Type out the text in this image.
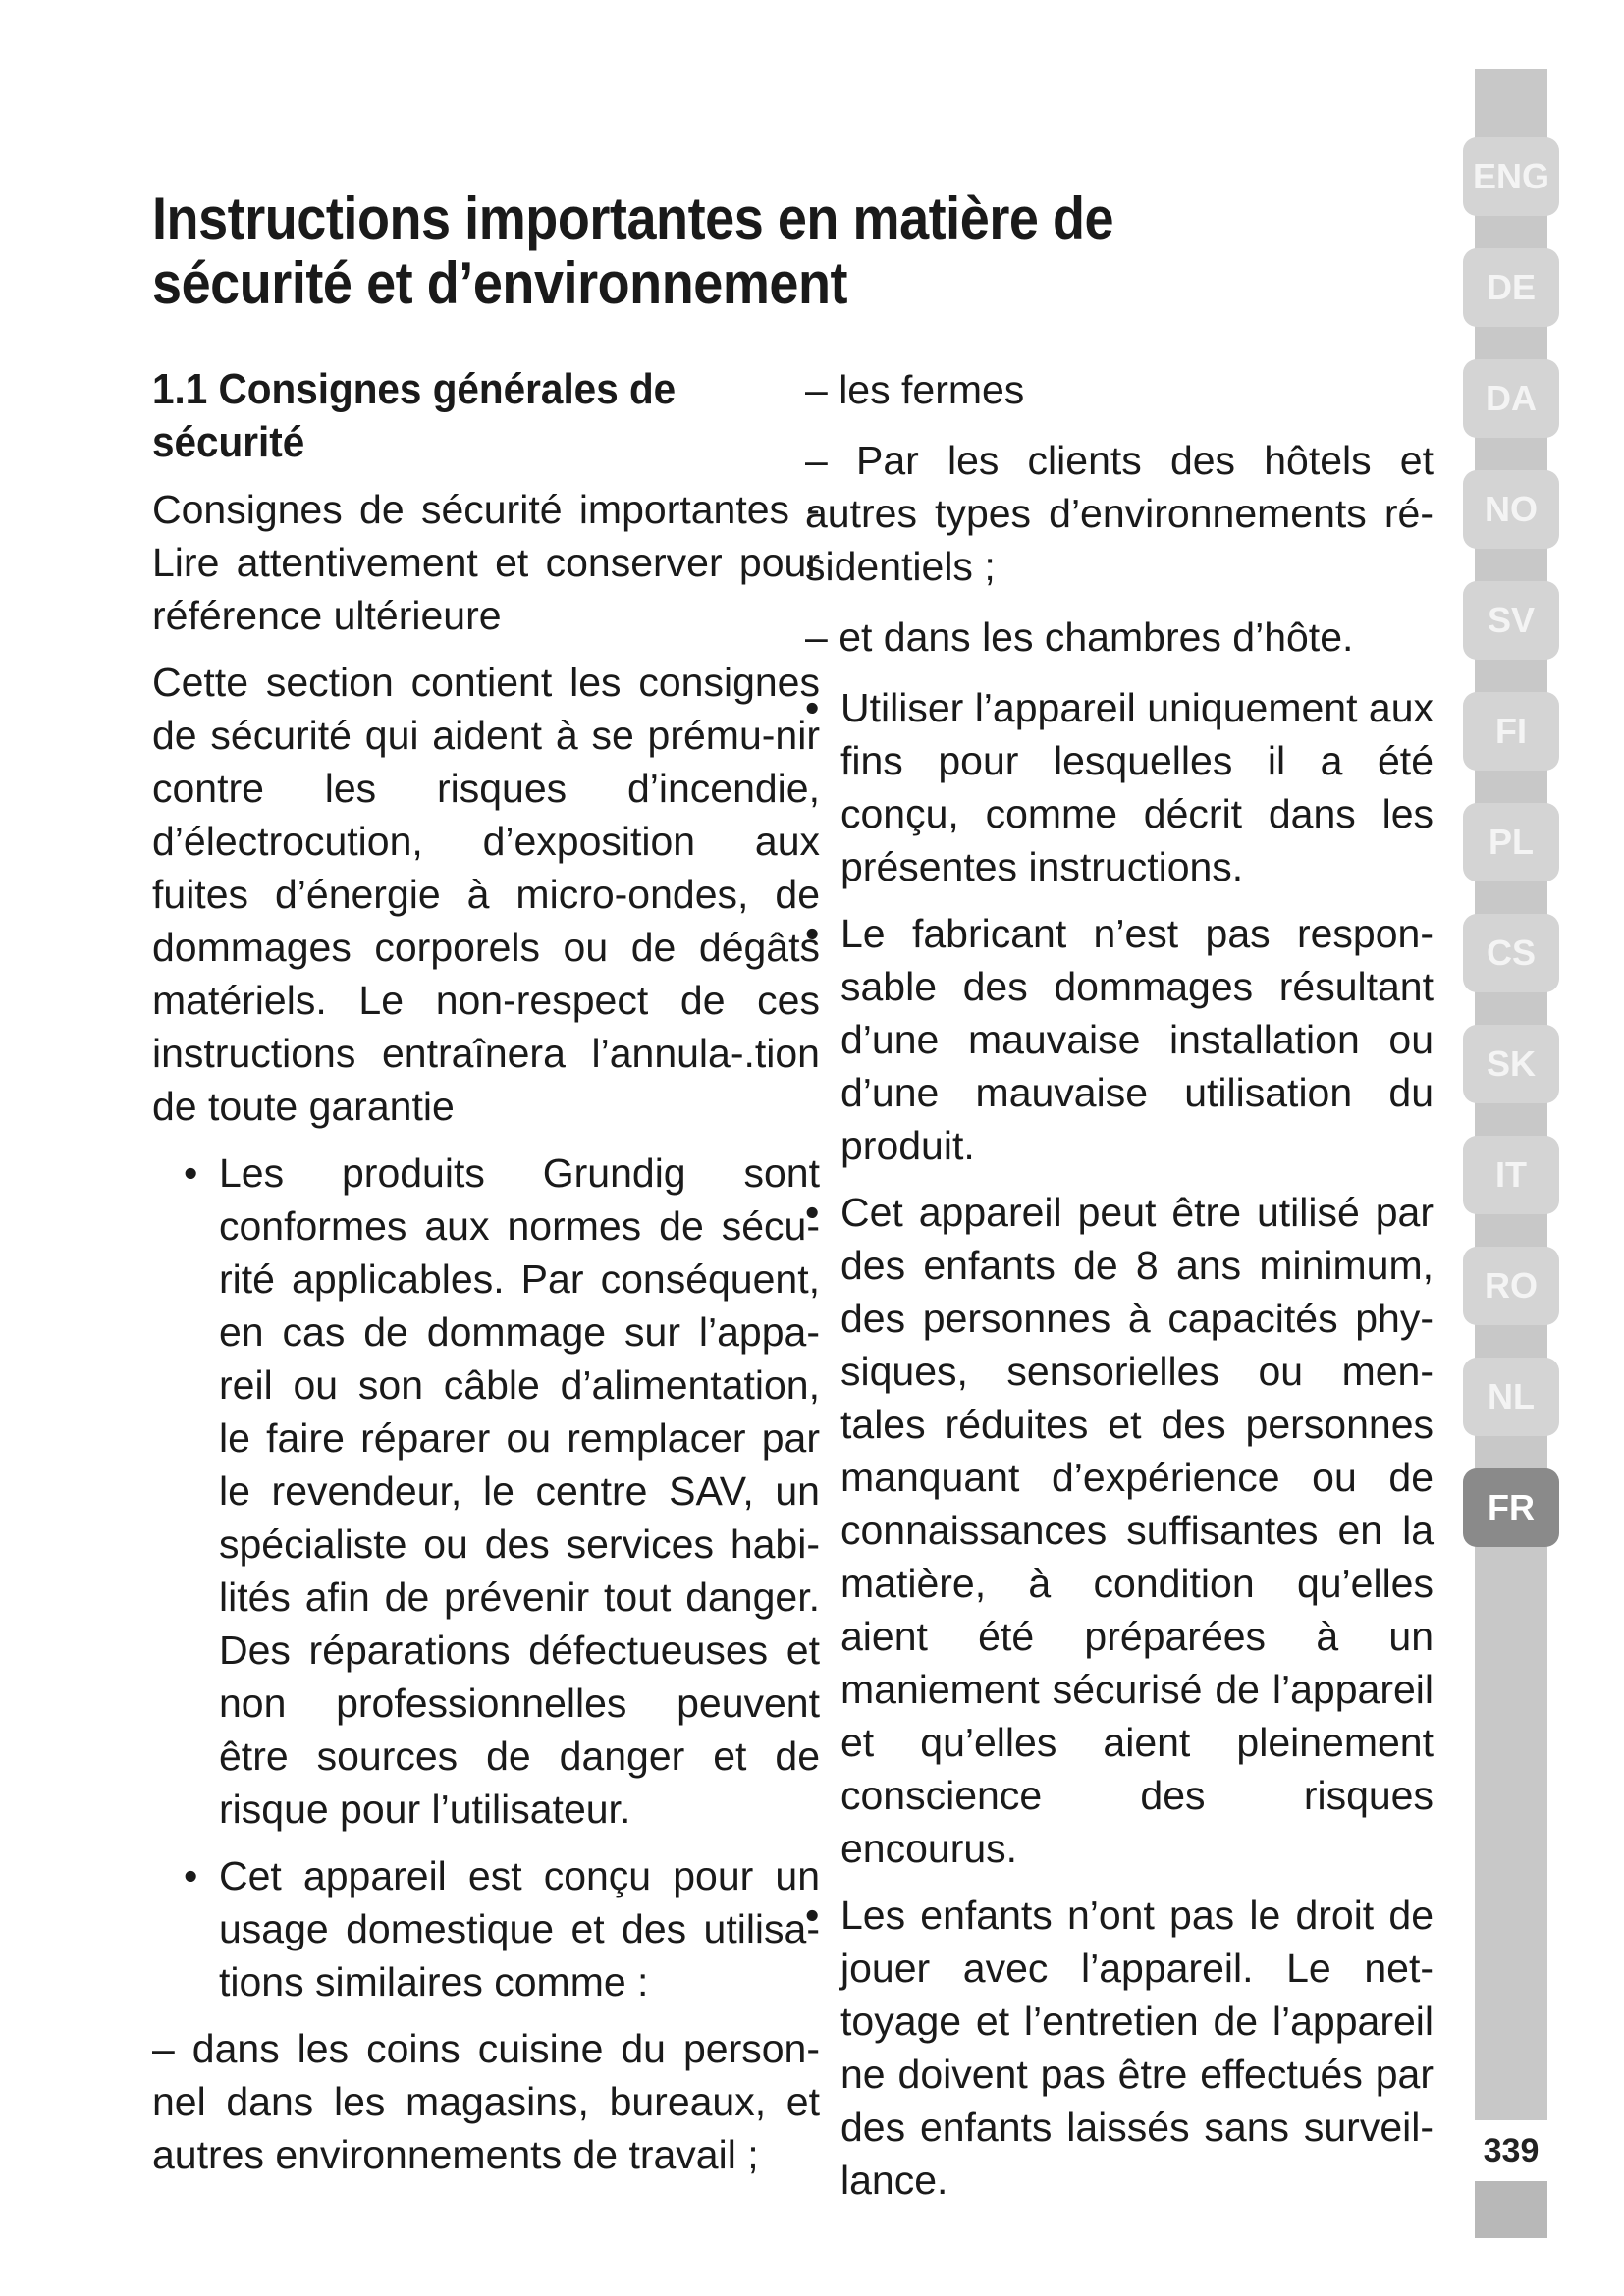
Instructions importantes en matière de sécurité et d’environnement
1.1 Consignes générales de sécurité

Consignes de sécurité importantes - Lire attentivement et conserver pour référence ultérieure

Cette section contient les consignes de sécurité qui aident à se prému-nir contre les risques d’incendie, d’électrocution, d’exposition aux fuites d’énergie à micro-ondes, de dommages corporels ou de dégâts matériels. Le non-respect de ces instructions entraînera l’annula-.tion de toute garantie

• Les produits Grundig sont conformes aux normes de sécu-rité applicables. Par conséquent, en cas de dommage sur l’appa-reil ou son câble d’alimentation, le faire réparer ou remplacer par le revendeur, le centre SAV, un spécialiste ou des services habi-lités afin de prévenir tout danger. Des réparations défectueuses et non professionnelles peuvent être sources de danger et de risque pour l’utilisateur.

• Cet appareil est conçu pour un usage domestique et des utilisa-tions similaires comme :

– dans les coins cuisine du person-nel dans les magasins, bureaux, et autres environnements de travail ;

– les fermes

– Par les clients des hôtels et autres types d’environnements ré-sidentiels ;

– et dans les chambres d’hôte.

• Utiliser l’appareil uniquement aux fins pour lesquelles il a été conçu, comme décrit dans les présentes instructions.

• Le fabricant n’est pas respon-sable des dommages résultant d’une mauvaise installation ou d’une mauvaise utilisation du produit.

• Cet appareil peut être utilisé par des enfants de 8 ans minimum, des personnes à capacités phy-siques, sensorielles ou men-tales réduites et des personnes manquant d’expérience ou de connaissances suffisantes en la matière, à condition qu’elles aient été préparées à un maniement sécurisé de l’appareil et qu’elles aient pleinement conscience des risques encourus.

• Les enfants n’ont pas le droit de jouer avec l’appareil. Le net-toyage et l’entretien de l’appareil ne doivent pas être effectués par des enfants laissés sans surveil-lance.

ENG
DE
DA
NO
SV
FI
PL
CS
SK
IT
RO
NL
FR
339
